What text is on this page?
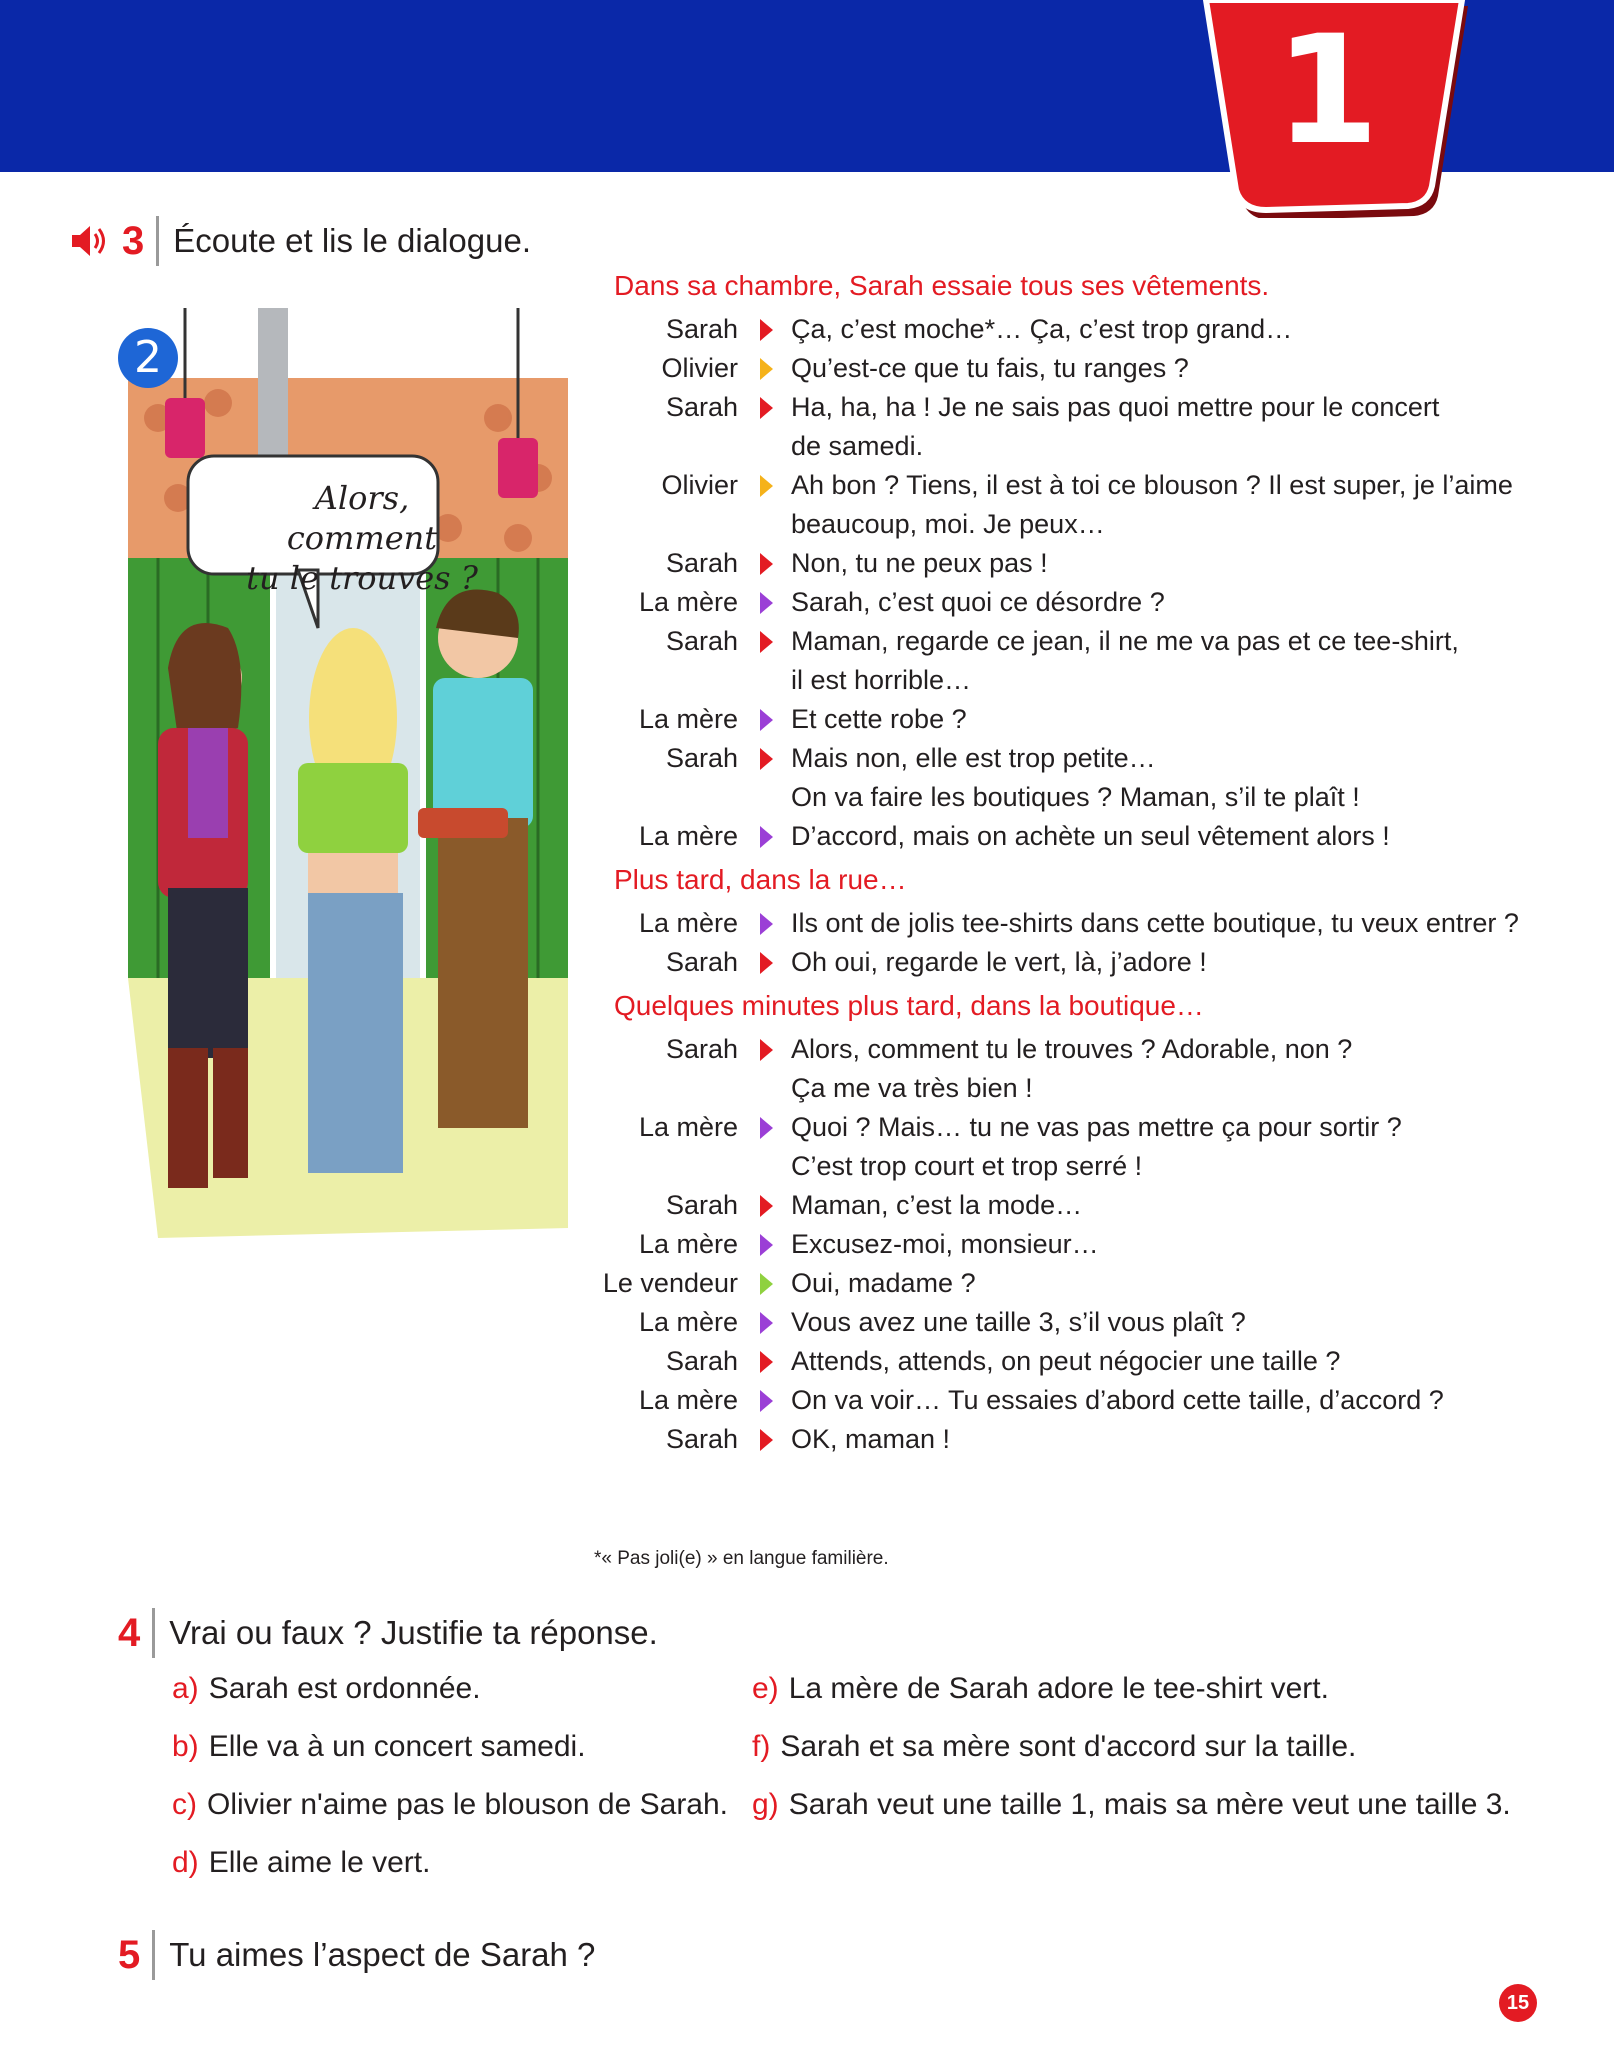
1
3 Écoute et lis le dialogue.
2
Alors, comment
tu le trouves ?
Dans sa chambre, Sarah essaie tous ses vêtements.
Sarah Ça, c’est moche*… Ça, c’est trop grand…
Olivier Qu’est-ce que tu fais, tu ranges ?
Sarah Ha, ha, ha ! Je ne sais pas quoi mettre pour le concert
de samedi.
Olivier Ah bon ? Tiens, il est à toi ce blouson ? Il est super, je l’aime
beaucoup, moi. Je peux…
Sarah Non, tu ne peux pas !
La mère Sarah, c’est quoi ce désordre ?
Sarah Maman, regarde ce jean, il ne me va pas et ce tee-shirt,
il est horrible…
La mère Et cette robe ?
Sarah Mais non, elle est trop petite…
On va faire les boutiques ? Maman, s’il te plaît !
La mère D’accord, mais on achète un seul vêtement alors !
Plus tard, dans la rue…
La mère Ils ont de jolis tee-shirts dans cette boutique, tu veux entrer ?
Sarah Oh oui, regarde le vert, là, j’adore !
Quelques minutes plus tard, dans la boutique…
Sarah Alors, comment tu le trouves ? Adorable, non ?
Ça me va très bien !
La mère Quoi ? Mais… tu ne vas pas mettre ça pour sortir ?
C’est trop court et trop serré !
Sarah Maman, c’est la mode…
La mère Excusez-moi, monsieur…
Le vendeur Oui, madame ?
La mère Vous avez une taille 3, s’il vous plaît ?
Sarah Attends, attends, on peut négocier une taille ?
La mère On va voir… Tu essaies d’abord cette taille, d’accord ?
Sarah OK, maman !
*« Pas joli(e) » en langue familière.
4 Vrai ou faux ? Justifie ta réponse.
a) Sarah est ordonnée.
b) Elle va à un concert samedi.
c) Olivier n'aime pas le blouson de Sarah.
d) Elle aime le vert.
e) La mère de Sarah adore le tee-shirt vert.
f) Sarah et sa mère sont d'accord sur la taille.
g) Sarah veut une taille 1, mais sa mère veut une taille 3.
5 Tu aimes l’aspect de Sarah ?
15
